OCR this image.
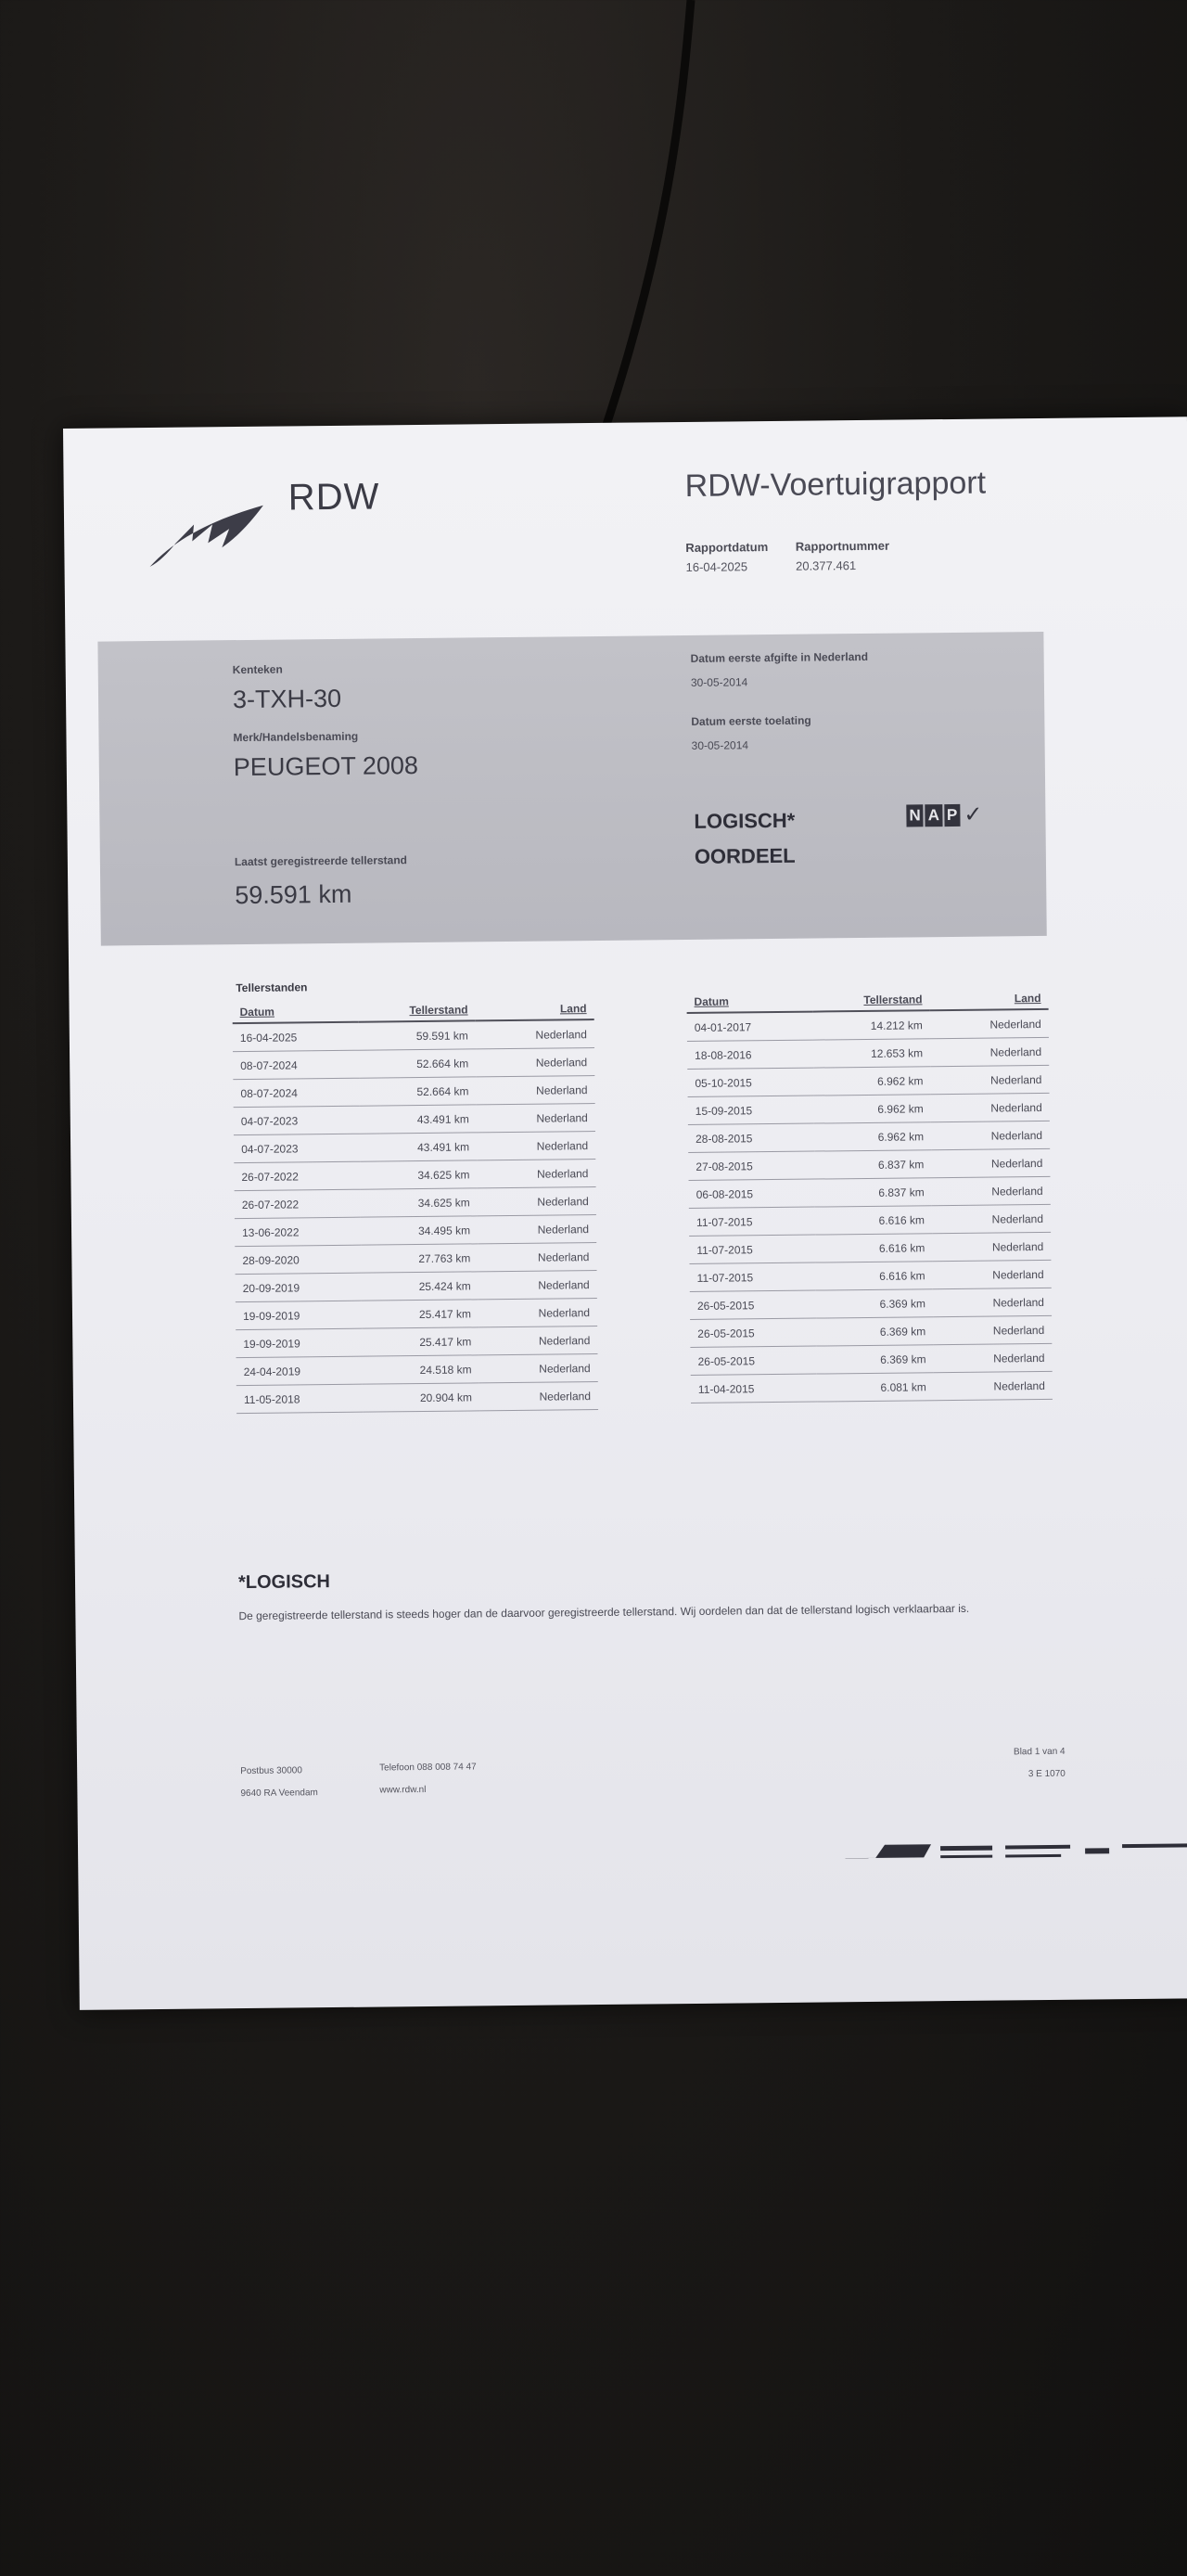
RDW	RDW-Voertuigrapport
Rapportdatum
16-04-2025

Rapportnummer
20.377.461
Kenteken
3-TXH-30
Merk/Handelsbenaming
PEUGEOT 2008
Datum eerste afgifte in Nederland
30-05-2014
Datum eerste toelating
30-05-2014
Laatst geregistreerde tellerstand
59.591 km
LOGISCH*
OORDEEL
N A P ✓
Tellerstanden
Datum	Tellerstand	Land
16-04-2025	59.591 km	Nederland
08-07-2024	52.664 km	Nederland
08-07-2024	52.664 km	Nederland
04-07-2023	43.491 km	Nederland
04-07-2023	43.491 km	Nederland
26-07-2022	34.625 km	Nederland
26-07-2022	34.625 km	Nederland
13-06-2022	34.495 km	Nederland
28-09-2020	27.763 km	Nederland
20-09-2019	25.424 km	Nederland
19-09-2019	25.417 km	Nederland
19-09-2019	25.417 km	Nederland
24-04-2019	24.518 km	Nederland
11-05-2018	20.904 km	Nederland
Datum	Tellerstand	Land
04-01-2017	14.212 km	Nederland
18-08-2016	12.653 km	Nederland
05-10-2015	6.962 km	Nederland
15-09-2015	6.962 km	Nederland
28-08-2015	6.962 km	Nederland
27-08-2015	6.837 km	Nederland
06-08-2015	6.837 km	Nederland
11-07-2015	6.616 km	Nederland
11-07-2015	6.616 km	Nederland
11-07-2015	6.616 km	Nederland
26-05-2015	6.369 km	Nederland
26-05-2015	6.369 km	Nederland
26-05-2015	6.369 km	Nederland
11-04-2015	6.081 km	Nederland
*LOGISCH
De geregistreerde tellerstand is steeds hoger dan de daarvoor geregistreerde tellerstand. Wij oordelen dan dat de tellerstand logisch verklaarbaar is.
Postbus 30000
9640 RA Veendam
Telefoon 088 008 74 47
www.rdw.nl
Blad 1 van 4
3 E 1070
